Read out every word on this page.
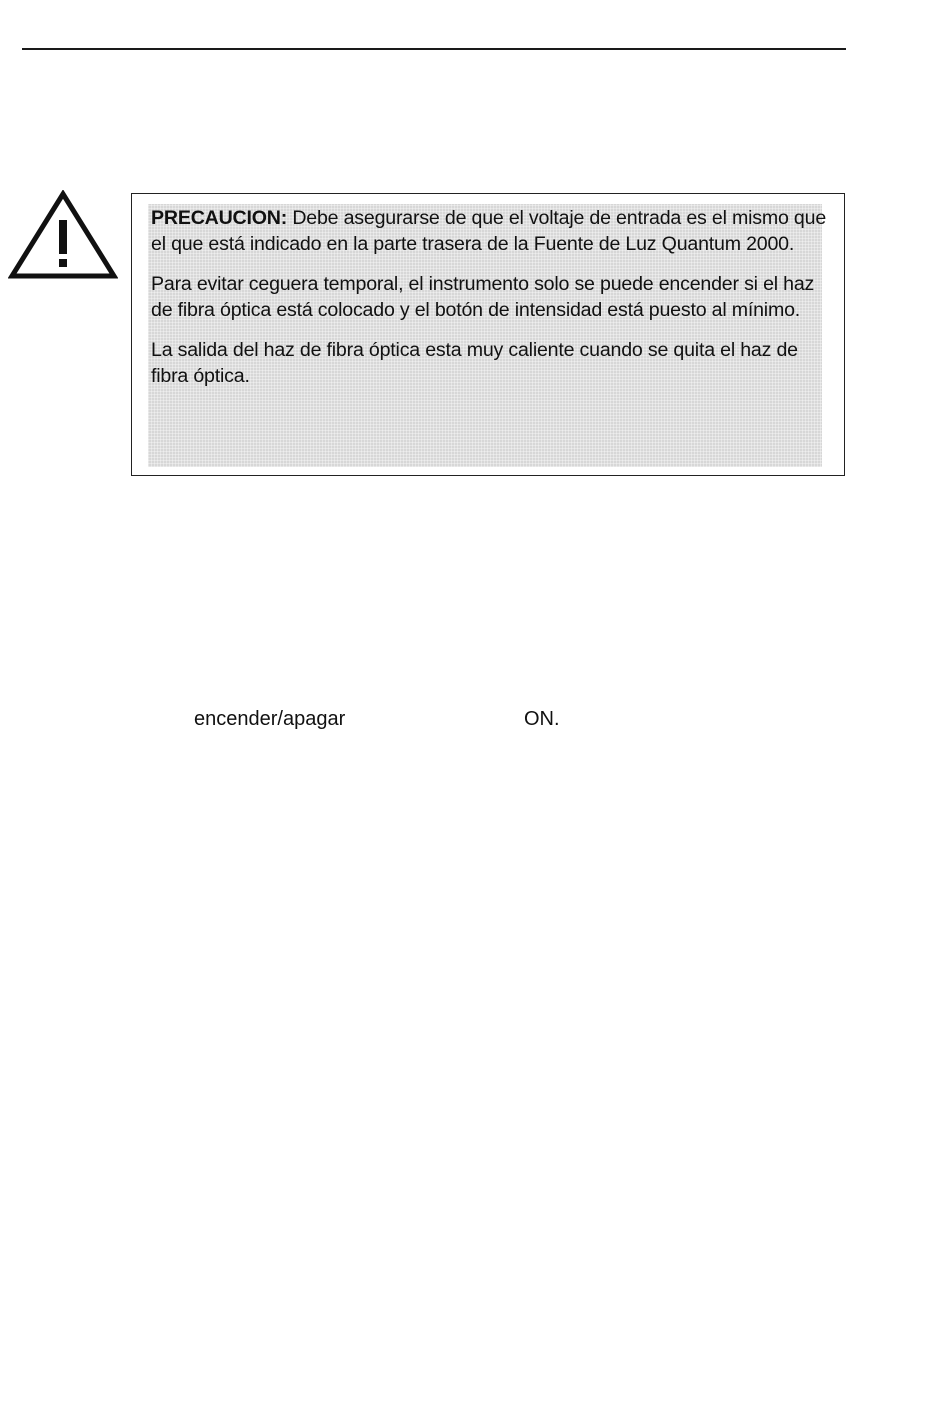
PRECAUCION: Debe asegurarse de que el voltaje de entrada es el mismo que el que está indicado en la parte trasera de la Fuente de Luz Quantum 2000.

Para evitar ceguera temporal, el instrumento solo se puede encender si el haz de fibra óptica está colocado y el botón de intensidad está puesto al mínimo.

La salida del haz de fibra óptica esta muy caliente cuando se quita el haz de fibra óptica.

encender/apagar	ON.
